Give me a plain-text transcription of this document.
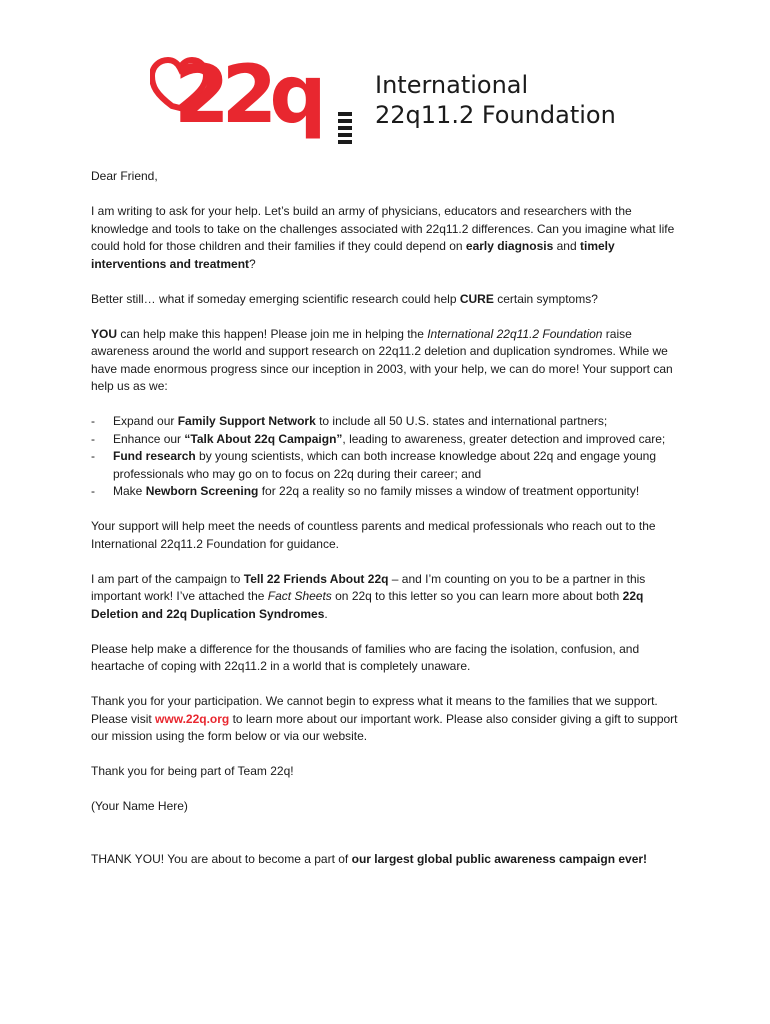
22q International
22q11.2 Foundation

Dear Friend,

I am writing to ask for your help. Let’s build an army of physicians, educators and researchers with the knowledge and tools to take on the challenges associated with 22q11.2 differences. Can you imagine what life could hold for those children and their families if they could depend on early diagnosis and timely interventions and treatment?

Better still… what if someday emerging scientific research could help CURE certain symptoms?

YOU can help make this happen! Please join me in helping the International 22q11.2 Foundation raise awareness around the world and support research on 22q11.2 deletion and duplication syndromes. While we have made enormous progress since our inception in 2003, with your help, we can do more! Your support can help us as we:

- Expand our Family Support Network to include all 50 U.S. states and international partners;
- Enhance our “Talk About 22q Campaign”, leading to awareness, greater detection and improved care;
- Fund research by young scientists, which can both increase knowledge about 22q and engage young professionals who may go on to focus on 22q during their career; and
- Make Newborn Screening for 22q a reality so no family misses a window of treatment opportunity!

Your support will help meet the needs of countless parents and medical professionals who reach out to the International 22q11.2 Foundation for guidance.

I am part of the campaign to Tell 22 Friends About 22q – and I’m counting on you to be a partner in this important work! I’ve attached the Fact Sheets on 22q to this letter so you can learn more about both 22q Deletion and 22q Duplication Syndromes.

Please help make a difference for the thousands of families who are facing the isolation, confusion, and heartache of coping with 22q11.2 in a world that is completely unaware.

Thank you for your participation. We cannot begin to express what it means to the families that we support. Please visit www.22q.org to learn more about our important work. Please also consider giving a gift to support our mission using the form below or via our website.

Thank you for being part of Team 22q!

(Your Name Here)

THANK YOU! You are about to become a part of our largest global public awareness campaign ever!
